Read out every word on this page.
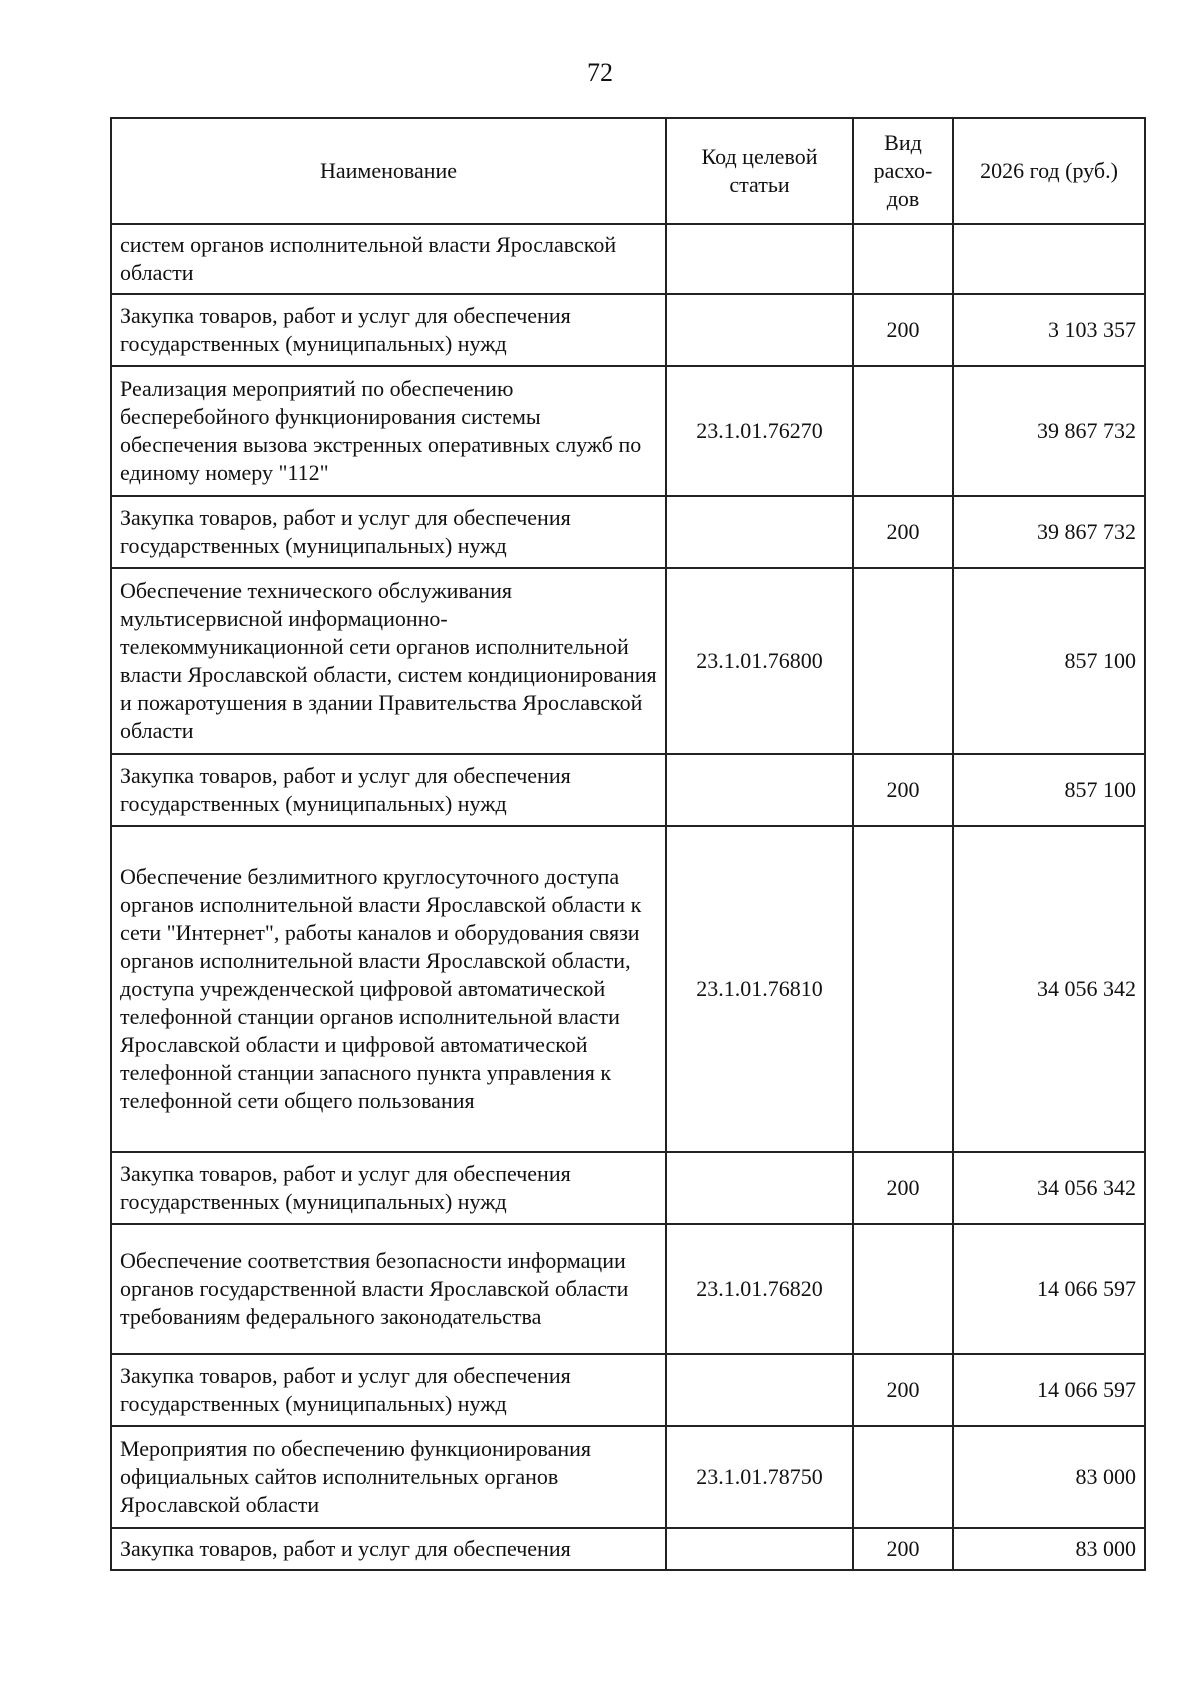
72
Наименование	Код целевой статьи	Вид расхо- дов	2026 год (руб.)
систем органов исполнительной власти Ярославской области			
Закупка товаров, работ и услуг для обеспечения государственных (муниципальных) нужд		200	3 103 357
Реализация мероприятий по обеспечению бесперебойного функционирования системы обеспечения вызова экстренных оперативных служб по единому номеру "112"	23.1.01.76270		39 867 732
Закупка товаров, работ и услуг для обеспечения государственных (муниципальных) нужд		200	39 867 732
Обеспечение технического обслуживания мультисервисной информационно-телекоммуникационной сети органов исполнительной власти Ярославской области, систем кондиционирования и пожаротушения в здании Правительства Ярославской области	23.1.01.76800		857 100
Закупка товаров, работ и услуг для обеспечения государственных (муниципальных) нужд		200	857 100
Обеспечение безлимитного круглосуточного доступа органов исполнительной власти Ярославской области к сети "Интернет", работы каналов и оборудования связи органов исполнительной власти Ярославской области, доступа учрежденческой цифровой автоматической телефонной станции органов исполнительной власти Ярославской области и цифровой автоматической телефонной станции запасного пункта управления к телефонной сети общего пользования	23.1.01.76810		34 056 342
Закупка товаров, работ и услуг для обеспечения государственных (муниципальных) нужд		200	34 056 342
Обеспечение соответствия безопасности информации органов государственной власти Ярославской области требованиям федерального законодательства	23.1.01.76820		14 066 597
Закупка товаров, работ и услуг для обеспечения государственных (муниципальных) нужд		200	14 066 597
Мероприятия по обеспечению функционирования официальных сайтов исполнительных органов Ярославской области	23.1.01.78750		83 000
Закупка товаров, работ и услуг для обеспечения		200	83 000
